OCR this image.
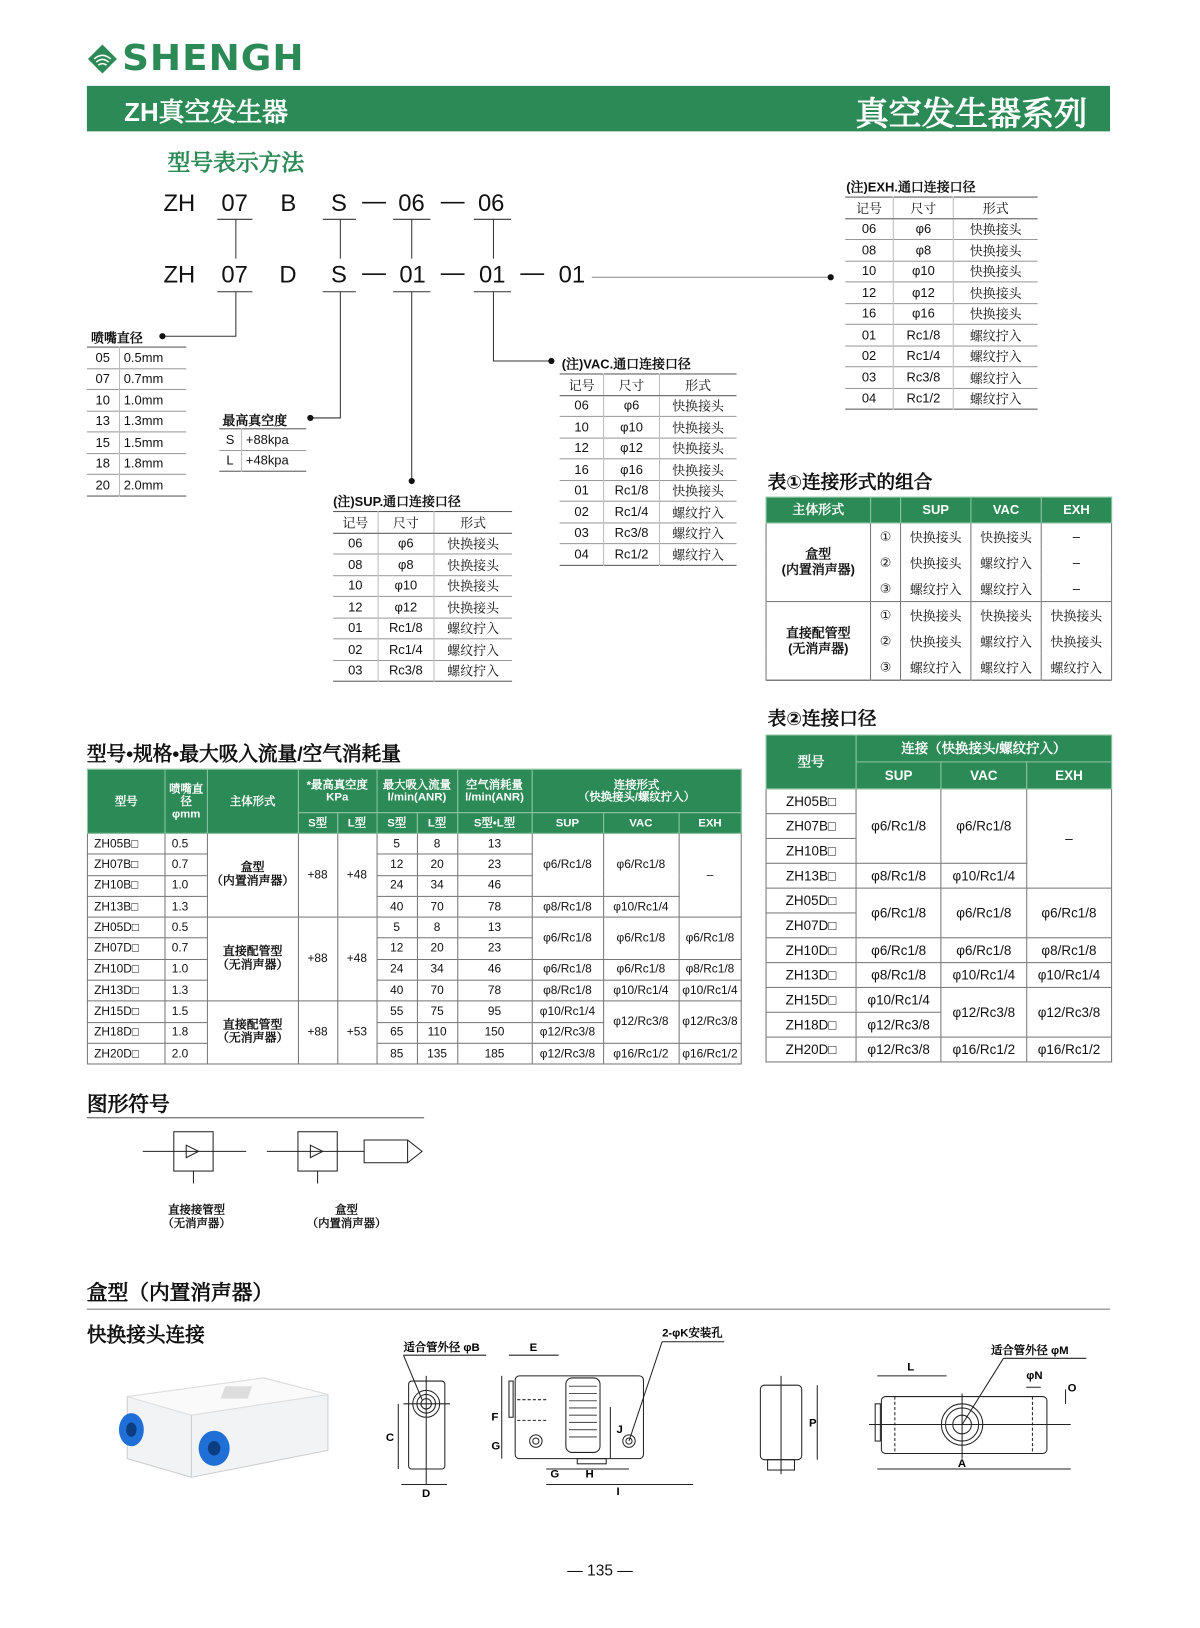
SHENGH
ZH真空发生器	真空发生器系列
型号表示方法
ZH 07 B S — 06 — 06
ZH 07 D S — 01 — 01 — 01
喷嘴直径
05	0.5mm
07	0.7mm
10	1.0mm
13	1.3mm
15	1.5mm
18	1.8mm
20	2.0mm
最高真空度
S	+88kpa
L	+48kpa
(注)SUP.通口连接口径
记号	尺寸	形式
06	φ6	快换接头
08	φ8	快换接头
10	φ10	快换接头
12	φ12	快换接头
01	Rc1/8	螺纹拧入
02	Rc1/4	螺纹拧入
03	Rc3/8	螺纹拧入
(注)VAC.通口连接口径
记号	尺寸	形式
06	φ6	快换接头
10	φ10	快换接头
12	φ12	快换接头
16	φ16	快换接头
01	Rc1/8	快换接头
02	Rc1/4	螺纹拧入
03	Rc3/8	螺纹拧入
04	Rc1/2	螺纹拧入
(注)EXH.通口连接口径
记号	尺寸	形式
06	φ6	快换接头
08	φ8	快换接头
10	φ10	快换接头
12	φ12	快换接头
16	φ16	快换接头
01	Rc1/8	螺纹拧入
02	Rc1/4	螺纹拧入
03	Rc3/8	螺纹拧入
04	Rc1/2	螺纹拧入
表①连接形式的组合
主体形式		SUP	VAC	EXH
盒型
(内置消声器)	①	快换接头	快换接头	–
	②	快换接头	螺纹拧入	–
	③	螺纹拧入	螺纹拧入	–
直接配管型
(无消声器)	①	快换接头	快换接头	快换接头
	②	快换接头	螺纹拧入	快换接头
	③	螺纹拧入	螺纹拧入	螺纹拧入
表②连接口径
型号	连接（快换接头/螺纹拧入）		
	SUP	VAC	EXH
ZH05B□	φ6/Rc1/8	φ6/Rc1/8	–
ZH07B□			
ZH10B□			
ZH13B□	φ8/Rc1/8	φ10/Rc1/4	
ZH05D□	φ6/Rc1/8	φ6/Rc1/8	φ6/Rc1/8
ZH07D□			
ZH10D□	φ6/Rc1/8	φ6/Rc1/8	φ8/Rc1/8
ZH13D□	φ8/Rc1/8	φ10/Rc1/4	φ10/Rc1/4
ZH15D□	φ10/Rc1/4	φ12/Rc3/8	φ12/Rc3/8
ZH18D□	φ12/Rc3/8		
ZH20D□	φ12/Rc3/8	φ16/Rc1/2	φ16/Rc1/2
型号•规格•最大吸入流量/空气消耗量
型号	喷嘴直径
φmm	主体形式	*最高真空度
KPa		最大吸入流量
l/min(ANR)		空气消耗量
l/min(ANR)	连接形式
（快换接头/螺纹拧入）		
			S型	L型	S型	L型	S型•L型	SUP	VAC	EXH
ZH05B□	0.5	盒型
（内置消声器）	+88	+48	5	8	13	φ6/Rc1/8	φ6/Rc1/8	–
ZH07B□	0.7				12	20	23			
ZH10B□	1.0				24	34	46			
ZH13B□	1.3				40	70	78	φ8/Rc1/8	φ10/Rc1/4	
ZH05D□	0.5	直接配管型
（无消声器）	+88	+48	5	8	13	φ6/Rc1/8	φ6/Rc1/8	φ6/Rc1/8
ZH07D□	0.7				12	20	23			
ZH10D□	1.0				24	34	46	φ6/Rc1/8	φ6/Rc1/8	φ8/Rc1/8
ZH13D□	1.3				40	70	78	φ8/Rc1/8	φ10/Rc1/4	φ10/Rc1/4
ZH15D□	1.5	直接配管型
（无消声器）	+88	+53	55	75	95	φ10/Rc1/4	φ12/Rc3/8	φ12/Rc3/8
ZH18D□	1.8				65	110	150	φ12/Rc3/8		
ZH20D□	2.0				85	135	185	φ12/Rc3/8	φ16/Rc1/2	φ16/Rc1/2
图形符号
直接接管型
（无消声器）
盒型
（内置消声器）
盒型（内置消声器）
快换接头连接
适合管外径 φB
C
D
E
F
G
G H
J
I
2-φK安装孔
P
L
φN
O
A
适合管外径 φM
— 135 —
